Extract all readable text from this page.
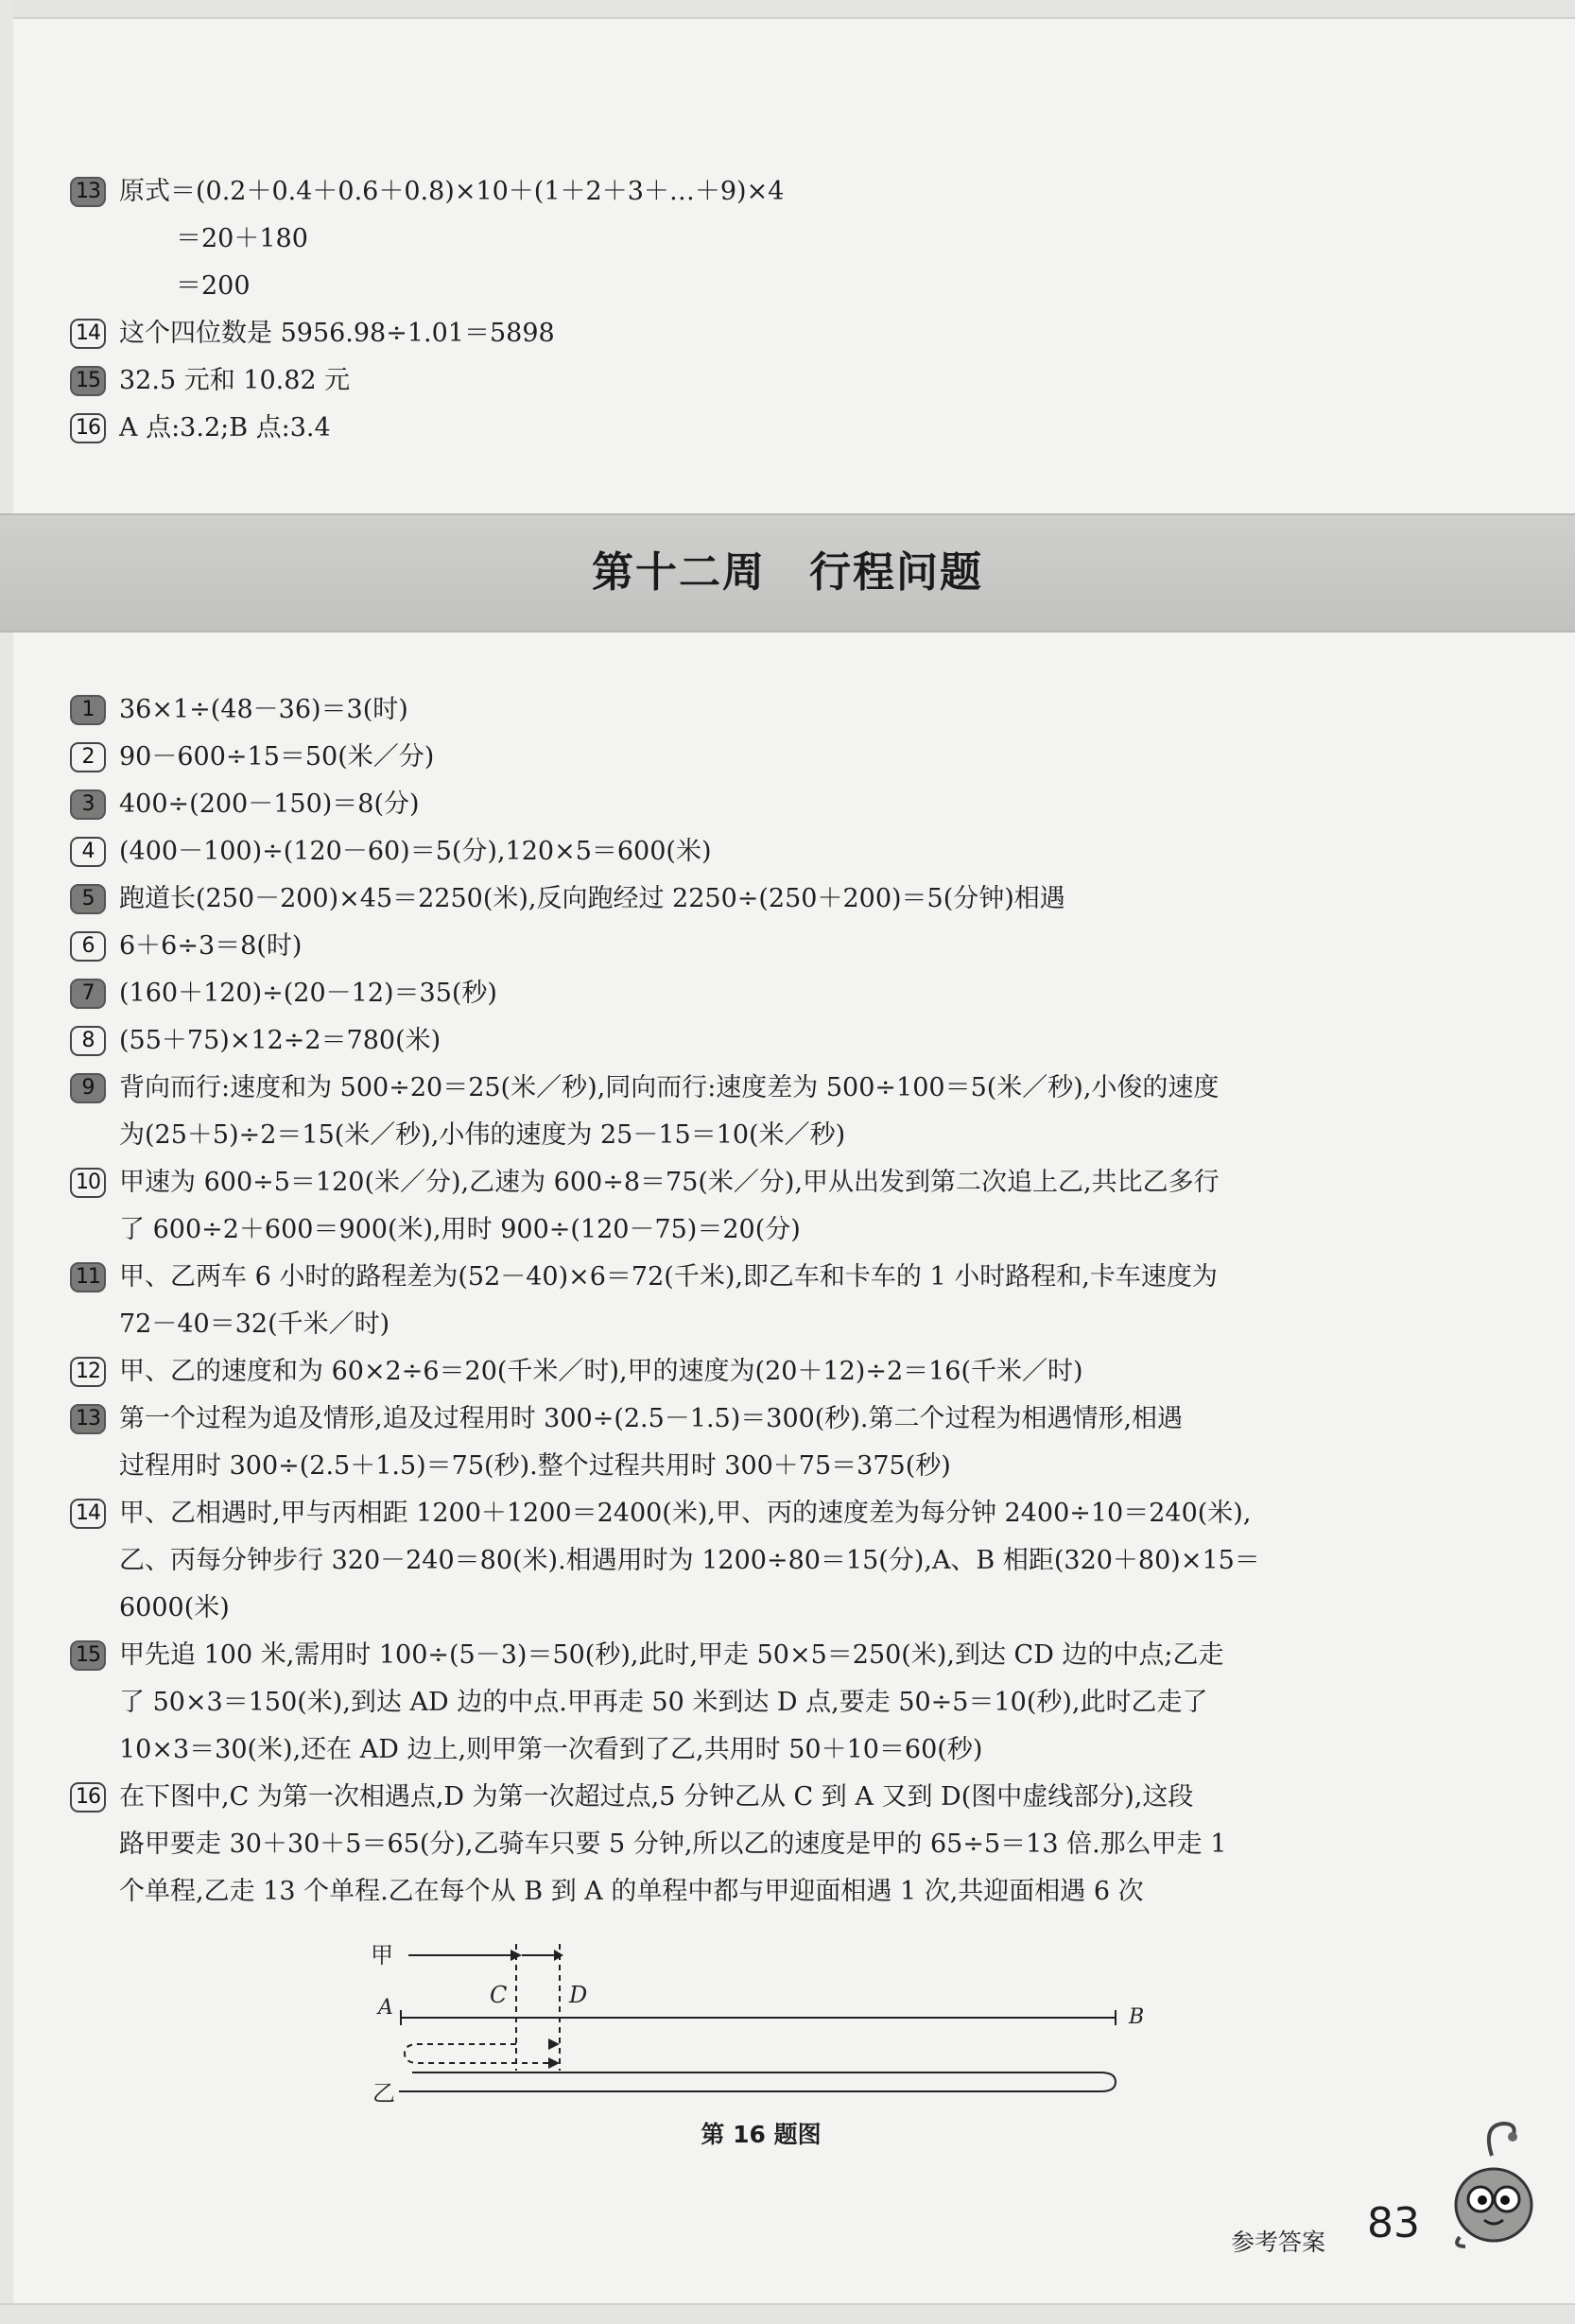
13 原式＝(0.2＋0.4＋0.6＋0.8)×10＋(1＋2＋3＋…＋9)×4
＝20＋180
＝200
14 这个四位数是 5956.98÷1.01＝5898
15 32.5 元和 10.82 元
16 A 点:3.2;B 点:3.4
第十二周　行程问题
1 36×1÷(48－36)＝3(时)
2 90－600÷15＝50(米／分)
3 400÷(200－150)＝8(分)
4 (400－100)÷(120－60)＝5(分),120×5＝600(米)
5 跑道长(250－200)×45＝2250(米),反向跑经过 2250÷(250＋200)＝5(分钟)相遇
6 6＋6÷3＝8(时)
7 (160＋120)÷(20－12)＝35(秒)
8 (55＋75)×12÷2＝780(米)
9 背向而行:速度和为 500÷20＝25(米／秒),同向而行:速度差为 500÷100＝5(米／秒),小俊的速度
为(25＋5)÷2＝15(米／秒),小伟的速度为 25－15＝10(米／秒)
10 甲速为 600÷5＝120(米／分),乙速为 600÷8＝75(米／分),甲从出发到第二次追上乙,共比乙多行
了 600÷2＋600＝900(米),用时 900÷(120－75)＝20(分)
11 甲、乙两车 6 小时的路程差为(52－40)×6＝72(千米),即乙车和卡车的 1 小时路程和,卡车速度为
72－40＝32(千米／时)
12 甲、乙的速度和为 60×2÷6＝20(千米／时),甲的速度为(20＋12)÷2＝16(千米／时)
13 第一个过程为追及情形,追及过程用时 300÷(2.5－1.5)＝300(秒).第二个过程为相遇情形,相遇
过程用时 300÷(2.5＋1.5)＝75(秒).整个过程共用时 300＋75＝375(秒)
14 甲、乙相遇时,甲与丙相距 1200＋1200＝2400(米),甲、丙的速度差为每分钟 2400÷10＝240(米),
乙、丙每分钟步行 320－240＝80(米).相遇用时为 1200÷80＝15(分),A、B 相距(320＋80)×15＝
6000(米)
15 甲先追 100 米,需用时 100÷(5－3)＝50(秒),此时,甲走 50×5＝250(米),到达 CD 边的中点;乙走
了 50×3＝150(米),到达 AD 边的中点.甲再走 50 米到达 D 点,要走 50÷5＝10(秒),此时乙走了
10×3＝30(米),还在 AD 边上,则甲第一次看到了乙,共用时 50＋10＝60(秒)
16 在下图中,C 为第一次相遇点,D 为第一次超过点,5 分钟乙从 C 到 A 又到 D(图中虚线部分),这段
路甲要走 30＋30＋5＝65(分),乙骑车只要 5 分钟,所以乙的速度是甲的 65÷5＝13 倍.那么甲走 1
个单程,乙走 13 个单程.乙在每个从 B 到 A 的单程中都与甲迎面相遇 1 次,共迎面相遇 6 次
甲
A	C	D
B
乙
第 16 题图
参考答案 83
